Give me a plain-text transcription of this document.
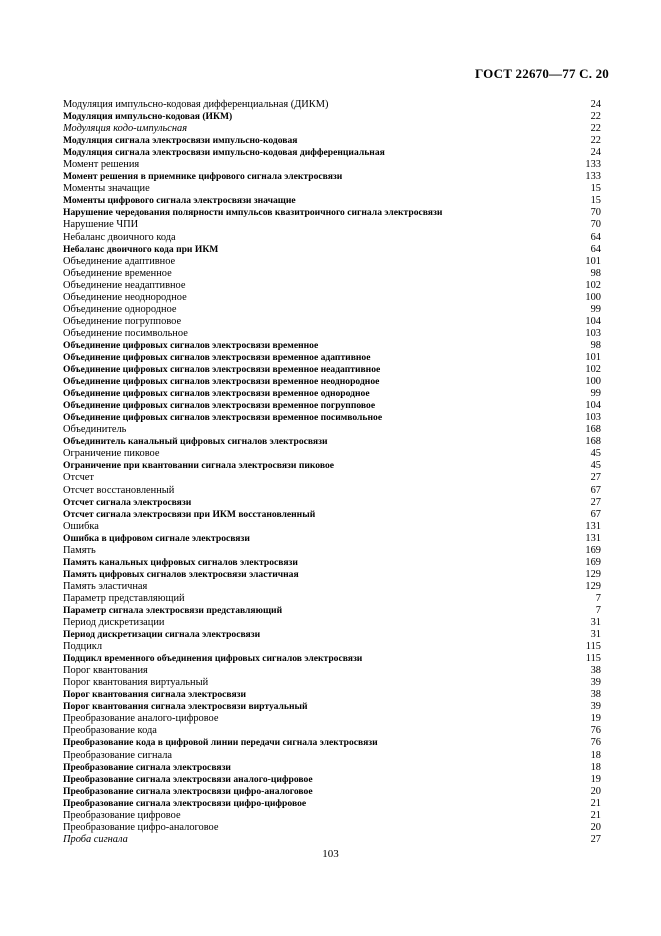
ГОСТ 22670—77 С. 20
Модуляция импульсно-кодовая дифференциальная (ДИКМ)	24
Модуляция импульсно-кодовая (ИКМ)	22
Модуляция кодо-импульсная	22
Модуляция сигнала электросвязи импульсно-кодовая	22
Модуляция сигнала электросвязи импульсно-кодовая дифференциальная	24
Момент решения	133
Момент решения в приемнике цифрового сигнала электросвязи	133
Моменты значащие	15
Моменты цифрового сигнала электросвязи значащие	15
Нарушение чередования полярности импульсов квазитроичного сигнала электросвязи	70
Нарушение ЧПИ	70
Небаланс двоичного кода	64
Небаланс двоичного кода при ИКМ	64
Объединение адаптивное	101
Объединение временное	98
Объединение неадаптивное	102
Объединение неоднородное	100
Объединение однородное	99
Объединение погрупповое	104
Объединение посимвольное	103
Объединение цифровых сигналов электросвязи временное	98
Объединение цифровых сигналов электросвязи временное адаптивное	101
Объединение цифровых сигналов электросвязи временное неадаптивное	102
Объединение цифровых сигналов электросвязи временное неоднородное	100
Объединение цифровых сигналов электросвязи временное однородное	99
Объединение цифровых сигналов электросвязи временное погрупповое	104
Объединение цифровых сигналов электросвязи временное посимвольное	103
Объединитель	168
Объединитель канальный цифровых сигналов электросвязи	168
Ограничение пиковое	45
Ограничение при квантовании сигнала электросвязи пиковое	45
Отсчет	27
Отсчет восстановленный	67
Отсчет сигнала электросвязи	27
Отсчет сигнала электросвязи при ИКМ восстановленный	67
Ошибка	131
Ошибка в цифровом сигнале электросвязи	131
Память	169
Память канальных цифровых сигналов электросвязи	169
Память цифровых сигналов электросвязи эластичная	129
Память эластичная	129
Параметр представляющий	7
Параметр сигнала электросвязи представляющий	7
Период дискретизации	31
Период дискретизации сигнала электросвязи	31
Подцикл	115
Подцикл временного объединения цифровых сигналов электросвязи	115
Порог квантования	38
Порог квантования виртуальный	39
Порог квантования сигнала электросвязи	38
Порог квантования сигнала электросвязи виртуальный	39
Преобразование аналого-цифровое	19
Преобразование кода	76
Преобразование кода в цифровой линии передачи сигнала электросвязи	76
Преобразование сигнала	18
Преобразование сигнала электросвязи	18
Преобразование сигнала электросвязи аналого-цифровое	19
Преобразование сигнала электросвязи цифро-аналоговое	20
Преобразование сигнала электросвязи цифро-цифровое	21
Преобразование цифровое	21
Преобразование цифро-аналоговое	20
Проба сигнала	27
103
